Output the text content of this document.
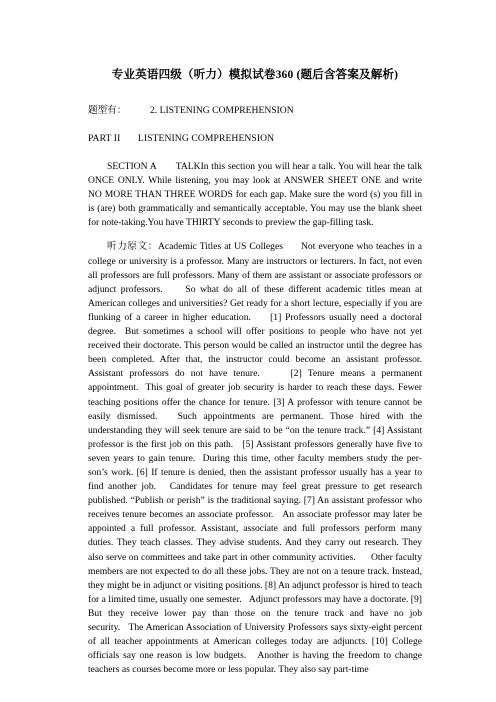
专业英语四级（听力）模拟试卷360 (题后含答案及解析)
题型有：	2. LISTENING COMPREHENSION

PART II       LISTENING COMPREHENSION

SECTION A       TALKIn this section you will hear a talk. You will hear the talk ONCE ONLY. While listening, you may look at ANSWER SHEET ONE and write NO MORE THAN THREE WORDS for each gap. Make sure the word (s) you fill in is (are) both grammatically and semantically acceptable. You may use the blank sheet for note-taking.You have THIRTY seconds to preview the gap-filling task.

听力原文：Academic Titles at US Colleges      Not everyone who teaches in a college or university is a professor. Many are instructors or lecturers. In fact, not even all professors are full professors. Many of them are assistant or associate professors or adjunct professors.     So what do all of these different academic titles mean at American colleges and universities? Get ready for a short lecture, especially if you are flunking of a career in higher education.     [1] Professors usually need a doctoral degree.  But sometimes a school will offer positions to people who have not yet received their doctorate. This person would be called an instructor until the degree has been completed. After that, the instructor could become an assistant professor. Assistant professors do not have tenure.     [2] Tenure means a permanent appointment.  This goal of greater job security is harder to reach these days. Fewer teaching positions offer the chance for tenure. [3] A professor with tenure cannot be easily dismissed.   Such appointments are permanent. Those hired with the understanding they will seek tenure are said to be “on the tenure track.” [4] Assistant professor is the first job on this path.   [5] Assistant professors generally have five to seven years to gain tenure.  During this time, other faculty members study the per-son’s work. [6] If tenure is denied, then the assistant professor usually has a year to find another job.   Candidates for tenure may feel great pressure to get research published. “Publish or perish” is the traditional saying. [7] An assistant professor who receives tenure becomes an associate professor.   An associate professor may later be appointed a full professor. Assistant, associate and full professors perform many duties. They teach classes. They advise students. And they carry out research. They also serve on committees and take part in other community activities.      Other faculty members are not expected to do all these jobs. They are not on a tenure track. Instead, they might be in adjunct or visiting positions. [8] An adjunct professor is hired to teach for a limited time, usually one semester.   Adjunct professors may have a doctorate. [9] But they receive lower pay than those on the tenure track and have no job security.   The American Association of University Professors says sixty-eight percent of all teacher appointments at American colleges today are adjuncts. [10] College officials say one reason is low budgets.   Another is having the freedom to change teachers as courses become more or less popular. They also say part-time
